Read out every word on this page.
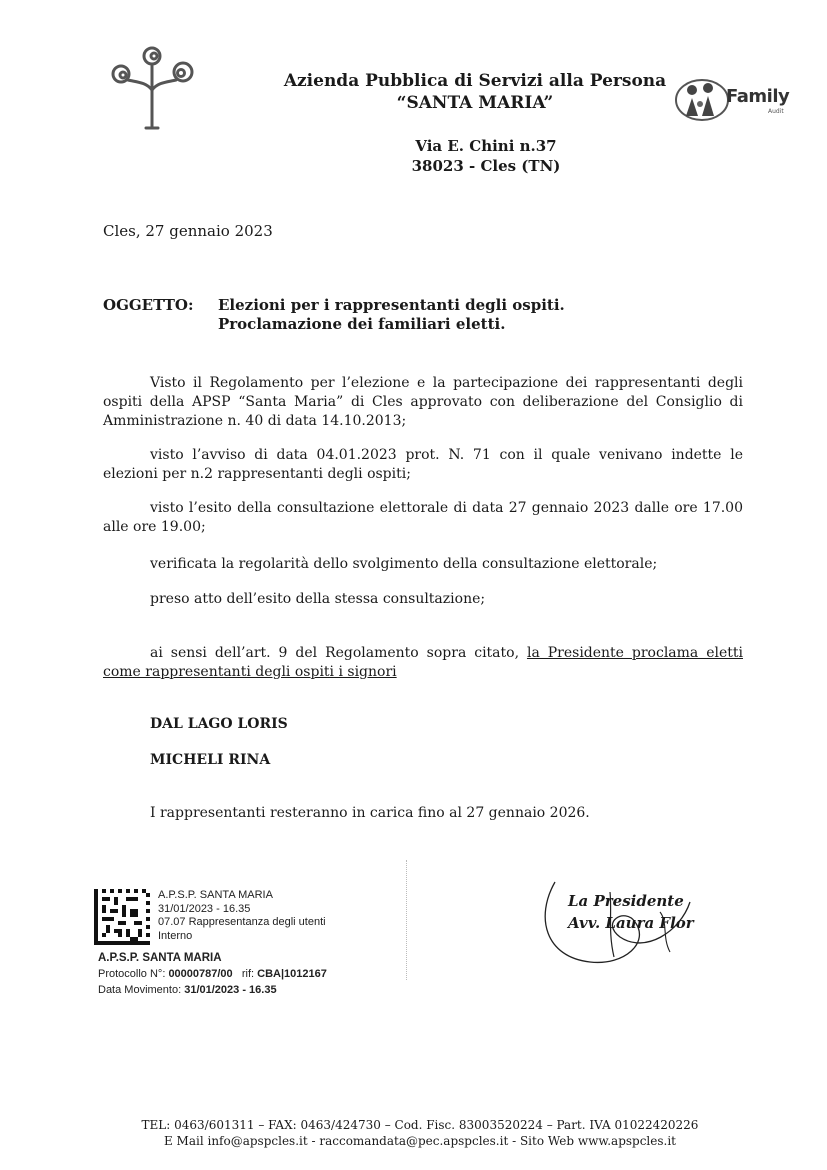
Azienda Pubblica di Servizi alla Persona
“SANTA MARIA”	Family
Audit
Via E. Chini n.37
38023 - Cles (TN)
Cles, 27 gennaio 2023
OGGETTO: Elezioni per i rappresentanti degli ospiti.
Proclamazione dei familiari eletti.
Visto il Regolamento per l’elezione e la partecipazione dei rappresentanti degli ospiti della APSP “Santa Maria” di Cles approvato con deliberazione del Consiglio di Amministrazione n. 40 di data 14.10.2013;
visto l’avviso di data 04.01.2023 prot. N. 71 con il quale venivano indette le elezioni per n.2 rappresentanti degli ospiti;
visto l’esito della consultazione elettorale di data 27 gennaio 2023 dalle ore 17.00 alle ore 19.00;
verificata la regolarità dello svolgimento della consultazione elettorale;
preso atto dell’esito della stessa consultazione;
ai sensi dell’art. 9 del Regolamento sopra citato, la Presidente proclama eletti come rappresentanti degli ospiti i signori
DAL LAGO LORIS
MICHELI RINA
I rappresentanti resteranno in carica fino al 27 gennaio 2026.
A.P.S.P. SANTA MARIA
31/01/2023 - 16.35
07.07 Rappresentanza degli utenti
Interno
A.P.S.P. SANTA MARIA
Protocollo N°: 00000787/00 rif: CBA|1012167
Data Movimento: 31/01/2023 - 16.35
La Presidente
Avv. Laura Flor
TEL: 0463/601311 – FAX: 0463/424730 – Cod. Fisc. 83003520224 – Part. IVA 01022420226
E Mail info@apspcles.it - raccomandata@pec.apspcles.it - Sito Web www.apspcles.it
